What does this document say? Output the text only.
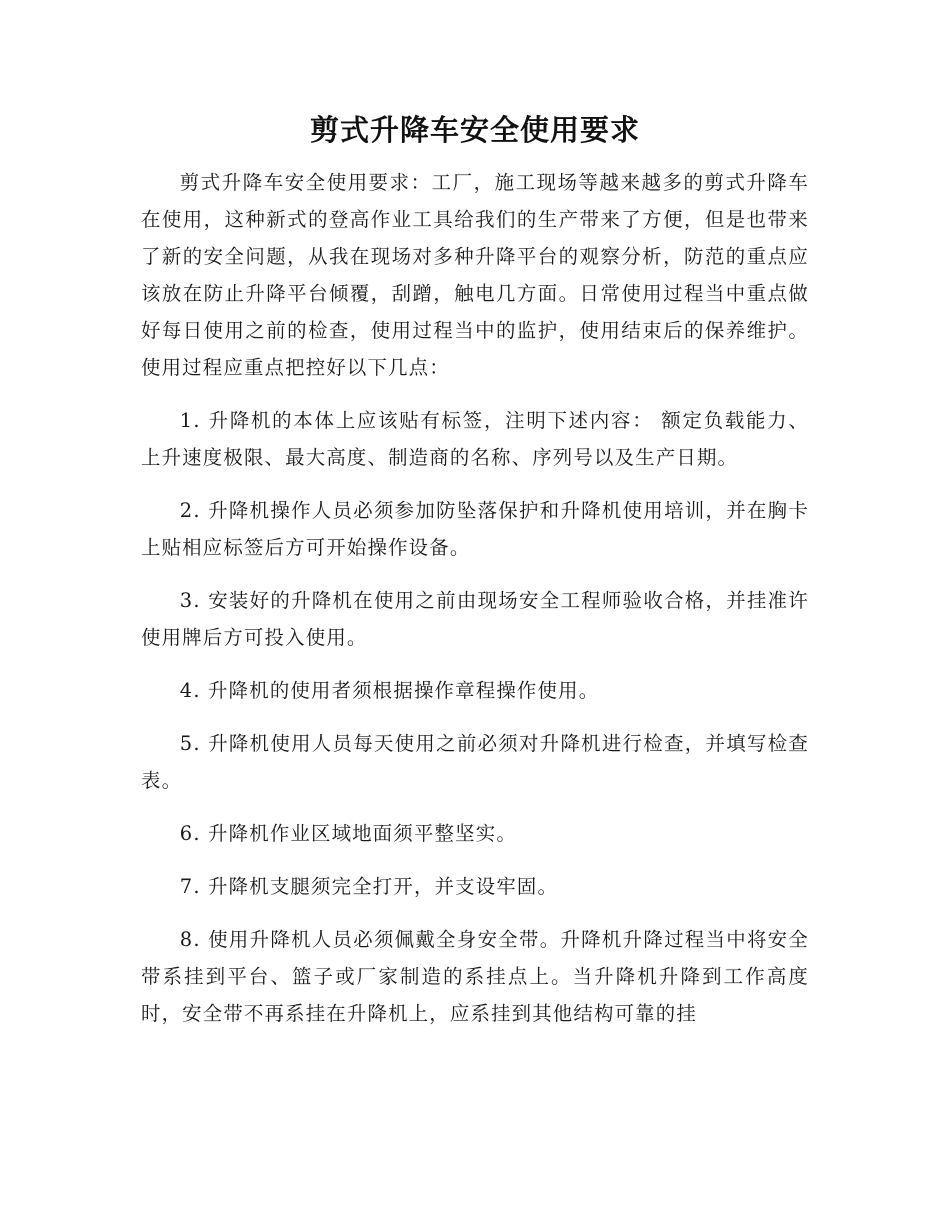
剪式升降车安全使用要求

剪式升降车安全使用要求：工厂，施工现场等越来越多的剪式升降车在使用，这种新式的登高作业工具给我们的生产带来了方便，但是也带来了新的安全问题，从我在现场对多种升降平台的观察分析，防范的重点应该放在防止升降平台倾覆，刮蹭，触电几方面。日常使用过程当中重点做好每日使用之前的检查，使用过程当中的监护，使用结束后的保养维护。使用过程应重点把控好以下几点：

1. 升降机的本体上应该贴有标签，注明下述内容： 额定负载能力、上升速度极限、最大高度、制造商的名称、序列号以及生产日期。

2. 升降机操作人员必须参加防坠落保护和升降机使用培训，并在胸卡上贴相应标签后方可开始操作设备。

3. 安装好的升降机在使用之前由现场安全工程师验收合格，并挂准许使用牌后方可投入使用。

4. 升降机的使用者须根据操作章程操作使用。

5. 升降机使用人员每天使用之前必须对升降机进行检查，并填写检查表。

6. 升降机作业区域地面须平整坚实。

7. 升降机支腿须完全打开，并支设牢固。

8. 使用升降机人员必须佩戴全身安全带。升降机升降过程当中将安全带系挂到平台、篮子或厂家制造的系挂点上。当升降机升降到工作高度时，安全带不再系挂在升降机上，应系挂到其他结构可靠的挂
